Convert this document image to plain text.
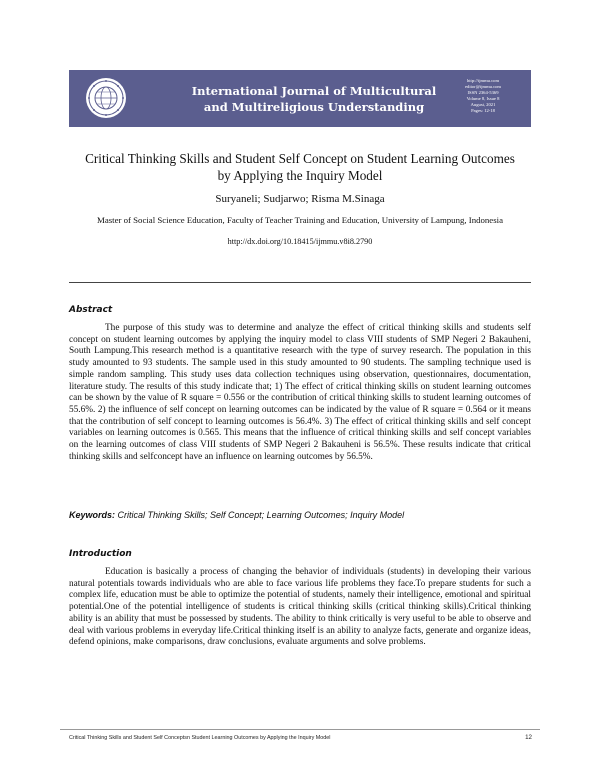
International Journal of Multicultural
and Multireligious Understanding
http://ijmmu.com
editor@ijmmu.com
ISSN 2364-5369
Volume 8, Issue 8
August, 2021
Pages: 12-18
Critical Thinking Skills and Student Self Concept on Student Learning Outcomes
by Applying the Inquiry Model
Suryaneli; Sudjarwo; Risma M.Sinaga
Master of Social Science Education, Faculty of Teacher Training and Education, University of Lampung, Indonesia
http://dx.doi.org/10.18415/ijmmu.v8i8.2790
Abstract

The purpose of this study was to determine and analyze the effect of critical thinking skills and students self concept on student learning outcomes by applying the inquiry model to class VIII students of SMP Negeri 2 Bakauheni, South Lampung.This research method is a quantitative research with the type of survey research. The population in this study amounted to 93 students. The sample used in this study amounted to 90 students. The sampling technique used is simple random sampling. This study uses data collection techniques using observation, questionnaires, documentation, literature study. The results of this study indicate that; 1) The effect of critical thinking skills on student learning outcomes can be shown by the value of R square = 0.556 or the contribution of critical thinking skills to student learning outcomes of 55.6%. 2) the influence of self concept on learning outcomes can be indicated by the value of R square = 0.564 or it means that the contribution of self concept to learning outcomes is 56.4%. 3) The effect of critical thinking skills and self concept variables on learning outcomes is 0.565. This means that the influence of critical thinking skills and self concept variables on the learning outcomes of class VIII students of SMP Negeri 2 Bakauheni is 56.5%. These results indicate that critical thinking skills and selfconcept have an influence on learning outcomes by 56.5%.

Keywords: Critical Thinking Skills; Self Concept; Learning Outcomes; Inquiry Model
Introduction

Education is basically a process of changing the behavior of individuals (students) in developing their various natural potentials towards individuals who are able to face various life problems they face.To prepare students for such a complex life, education must be able to optimize the potential of students, namely their intelligence, emotional and spiritual potential.One of the potential intelligence of students is critical thinking skills (critical thinking skills).Critical thinking ability is an ability that must be possessed by students. The ability to think critically is very useful to be able to observe and deal with various problems in everyday life.Critical thinking itself is an ability to analyze facts, generate and organize ideas, defend opinions, make comparisons, draw conclusions, evaluate arguments and solve problems.

Critical Thinking Skills and Student Self Conceptsn Student Learning Outcomes by Applying the Inquiry Model	12
